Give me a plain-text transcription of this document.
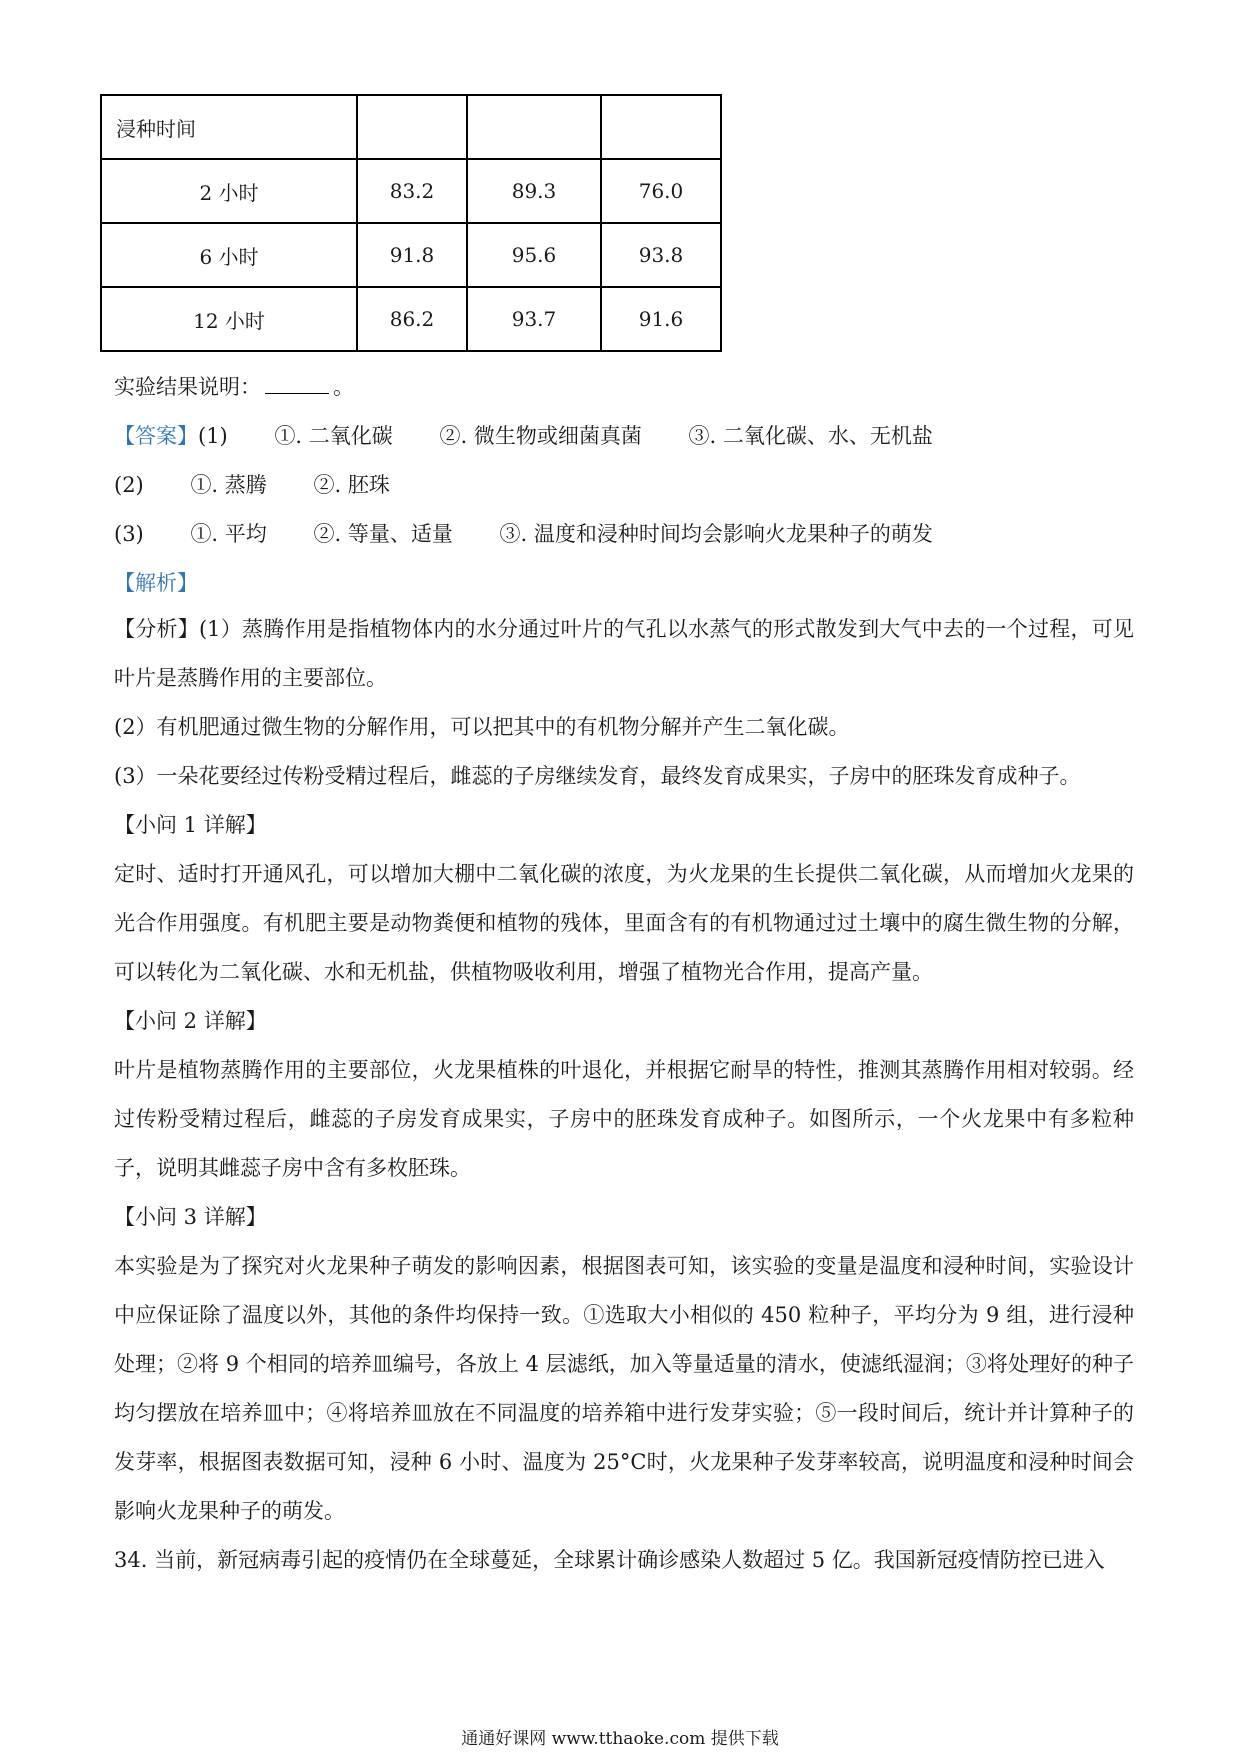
浸种时间			
2 小时	83.2	89.3	76.0
6 小时	91.8	95.6	93.8
12 小时	86.2	93.7	91.6
实验结果说明：	。
【答案】(1) ①. 二氧化碳 ②. 微生物或细菌真菌 ③. 二氧化碳、水、无机盐
(2) ①. 蒸腾 ②. 胚珠
(3) ①. 平均 ②. 等量、适量 ③. 温度和浸种时间均会影响火龙果种子的萌发
【解析】
【分析】(1）蒸腾作用是指植物体内的水分通过叶片的气孔以水蒸气的形式散发到大气中去的一个过程，可见叶片是蒸腾作用的主要部位。
(2）有机肥通过微生物的分解作用，可以把其中的有机物分解并产生二氧化碳。
(3）一朵花要经过传粉受精过程后，雌蕊的子房继续发育，最终发育成果实，子房中的胚珠发育成种子。
【小问 1 详解】
定时、适时打开通风孔，可以增加大棚中二氧化碳的浓度，为火龙果的生长提供二氧化碳，从而增加火龙果的光合作用强度。有机肥主要是动物粪便和植物的残体，里面含有的有机物通过过土壤中的腐生微生物的分解，可以转化为二氧化碳、水和无机盐，供植物吸收利用，增强了植物光合作用，提高产量。
【小问 2 详解】
叶片是植物蒸腾作用的主要部位，火龙果植株的叶退化，并根据它耐旱的特性，推测其蒸腾作用相对较弱。经过传粉受精过程后，雌蕊的子房发育成果实，子房中的胚珠发育成种子。如图所示，一个火龙果中有多粒种子，说明其雌蕊子房中含有多枚胚珠。
【小问 3 详解】
本实验是为了探究对火龙果种子萌发的影响因素，根据图表可知，该实验的变量是温度和浸种时间，实验设计中应保证除了温度以外，其他的条件均保持一致。①选取大小相似的 450 粒种子，平均分为 9 组，进行浸种处理；②将 9 个相同的培养皿编号，各放上 4 层滤纸，加入等量适量的清水，使滤纸湿润；③将处理好的种子均匀摆放在培养皿中；④将培养皿放在不同温度的培养箱中进行发芽实验；⑤一段时间后，统计并计算种子的发芽率，根据图表数据可知，浸种 6 小时、温度为 25°C时，火龙果种子发芽率较高，说明温度和浸种时间会影响火龙果种子的萌发。
34. 当前，新冠病毒引起的疫情仍在全球蔓延，全球累计确诊感染人数超过 5 亿。我国新冠疫情防控已进入
通通好课网 www.tthaoke.com 提供下载
